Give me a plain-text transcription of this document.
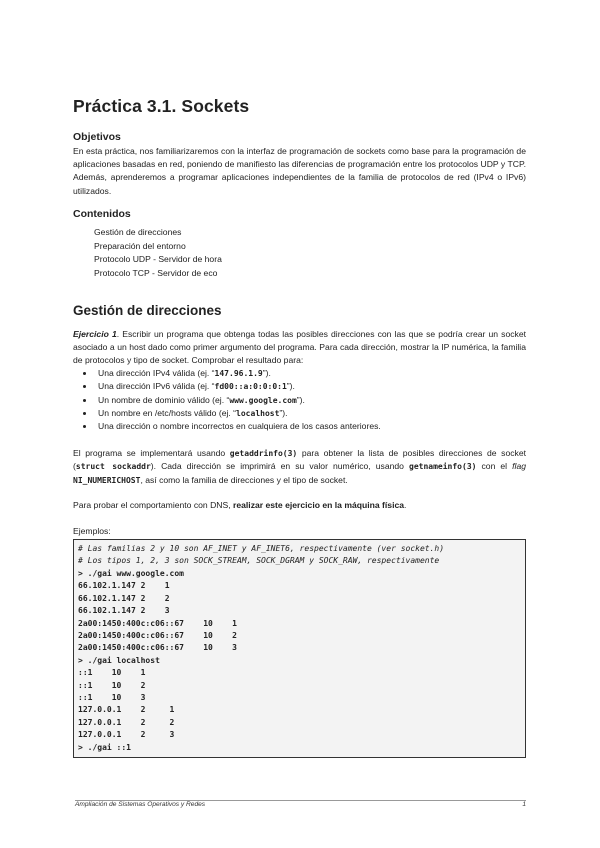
Práctica 3.1. Sockets
Objetivos

En esta práctica, nos familiarizaremos con la interfaz de programación de sockets como base para la programación de aplicaciones basadas en red, poniendo de manifiesto las diferencias de programación entre los protocolos UDP y TCP. Además, aprenderemos a programar aplicaciones independientes de la familia de protocolos de red (IPv4 o IPv6) utilizados.

Contenidos
Gestión de direcciones
Preparación del entorno
Protocolo UDP - Servidor de hora
Protocolo TCP - Servidor de eco
Gestión de direcciones

Ejercicio 1. Escribir un programa que obtenga todas las posibles direcciones con las que se podría crear un socket asociado a un host dado como primer argumento del programa. Para cada dirección, mostrar la IP numérica, la familia de protocolos y tipo de socket. Comprobar el resultado para:

• Una dirección IPv4 válida (ej. “147.96.1.9”).
• Una dirección IPv6 válida (ej. “fd00::a:0:0:0:1”).
• Un nombre de dominio válido (ej. “www.google.com”).
• Un nombre en /etc/hosts válido (ej. “localhost”).
• Una dirección o nombre incorrectos en cualquiera de los casos anteriores.

El programa se implementará usando getaddrinfo(3) para obtener la lista de posibles direcciones de socket (struct sockaddr). Cada dirección se imprimirá en su valor numérico, usando getnameinfo(3) con el flag NI_NUMERICHOST, así como la familia de direcciones y el tipo de socket.

Para probar el comportamiento con DNS, realizar este ejercicio en la máquina física.

Ejemplos:
# Las familias 2 y 10 son AF_INET y AF_INET6, respectivamente (ver socket.h)
# Los tipos 1, 2, 3 son SOCK_STREAM, SOCK_DGRAM y SOCK_RAW, respectivamente
> ./gai www.google.com
66.102.1.147 2    1
66.102.1.147 2    2
66.102.1.147 2    3
2a00:1450:400c:c06::67    10    1
2a00:1450:400c:c06::67    10    2
2a00:1450:400c:c06::67    10    3
> ./gai localhost
::1    10    1
::1    10    2
::1    10    3
127.0.0.1    2     1
127.0.0.1    2     2
127.0.0.1    2     3
> ./gai ::1
Ampliación de Sistemas Operativos y Redes	1
